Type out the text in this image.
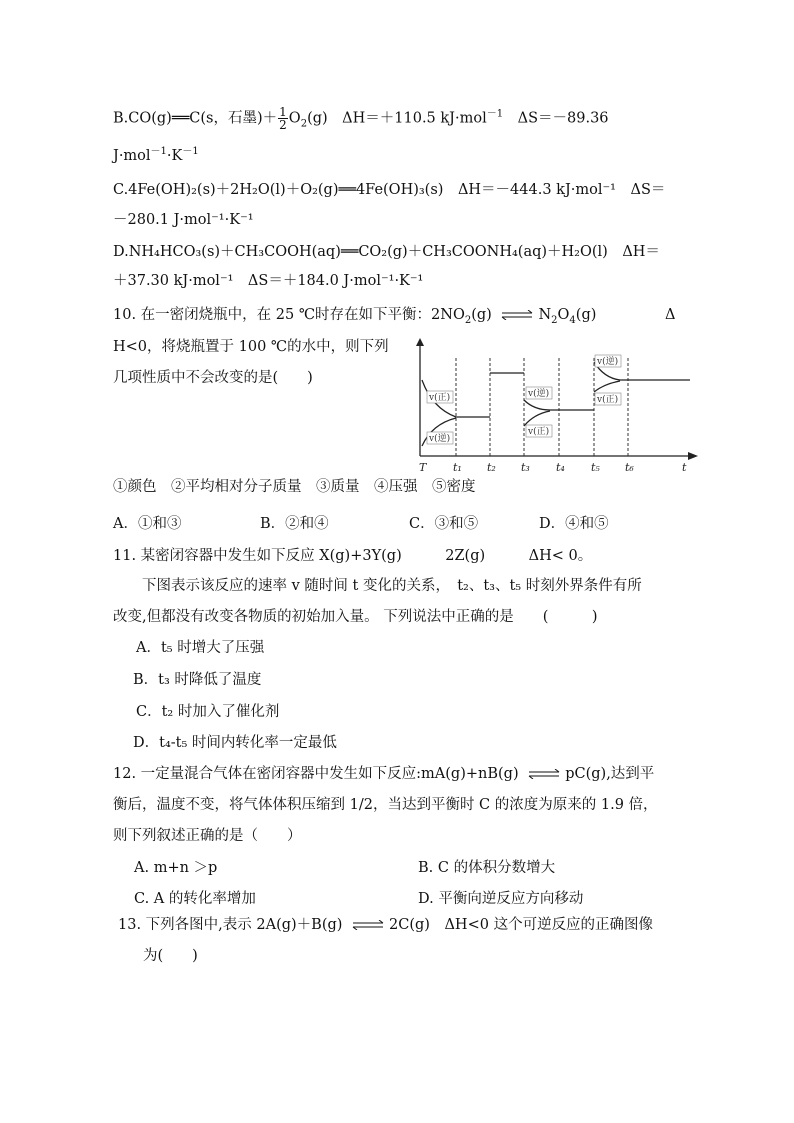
B.CO(g)══C(s，石墨)＋ $\frac{1}{2} O_2(g)$　ΔH＝＋110.5 kJ·mol$^{-1}$　ΔS＝－89.36
$J\cdot mol^{-1}\cdot K^{-1}$
C.4Fe(OH)₂(s)＋2H₂O(l)＋O₂(g)══4Fe(OH)₃(s)　ΔH＝－444.3 kJ·mol⁻¹　ΔS＝
－280.1 J·mol⁻¹·K⁻¹
D.NH₄HCO₃(s)＋CH₃COOH(aq)══CO₂(g)＋CH₃COONH₄(aq)＋H₂O(l)　ΔH＝
＋37.30 kJ·mol⁻¹　ΔS＝＋184.0 J·mol⁻¹·K⁻¹
10. 在一密闭烧瓶中，在 25 ℃时存在如下平衡：$2NO_2(g)$ ⇌ $N_2O_4(g)$	Δ
H<0，将烧瓶置于 100 ℃的水中，则下列
几项性质中不会改变的是(　　)
v(正)
v(逆)
v(逆)
v(正)
v(逆)
v(正)
T t₁ t₂ t₃ t₄ t₅ t₆	t
①颜色　②平均相对分子质量　③质量　④压强　⑤密度
A．①和③	B．②和④	C．③和⑤	D．④和⑤
11. 某密闭容器中发生如下反应 X(g)+3Y(g)　　　2Z(g)　　　ΔH< 0。
下图表示该反应的速率 v 随时间 t 变化的关系，　t₂、t₃、t₅ 时刻外界条件有所
改变,但都没有改变各物质的初始加入量。 下列说法中正确的是　　(　　　)
A．t₅ 时增大了压强
B．t₃ 时降低了温度
C．t₂ 时加入了催化剂
D．t₄-t₅ 时间内转化率一定最低
12. 一定量混合气体在密闭容器中发生如下反应:mA(g)+nB(g) ⇌ pC(g),达到平
衡后，温度不变，将气体体积压缩到 1/2，当达到平衡时 C 的浓度为原来的 1.9 倍，
则下列叙述正确的是（　　）
A. m+n ＞p	B. C 的体积分数增大
C. A 的转化率增加	D. 平衡向逆反应方向移动
13. 下列各图中,表示 2A(g)＋B(g) ⇌ 2C(g)　ΔH<0 这个可逆反应的正确图像
为(　　)
